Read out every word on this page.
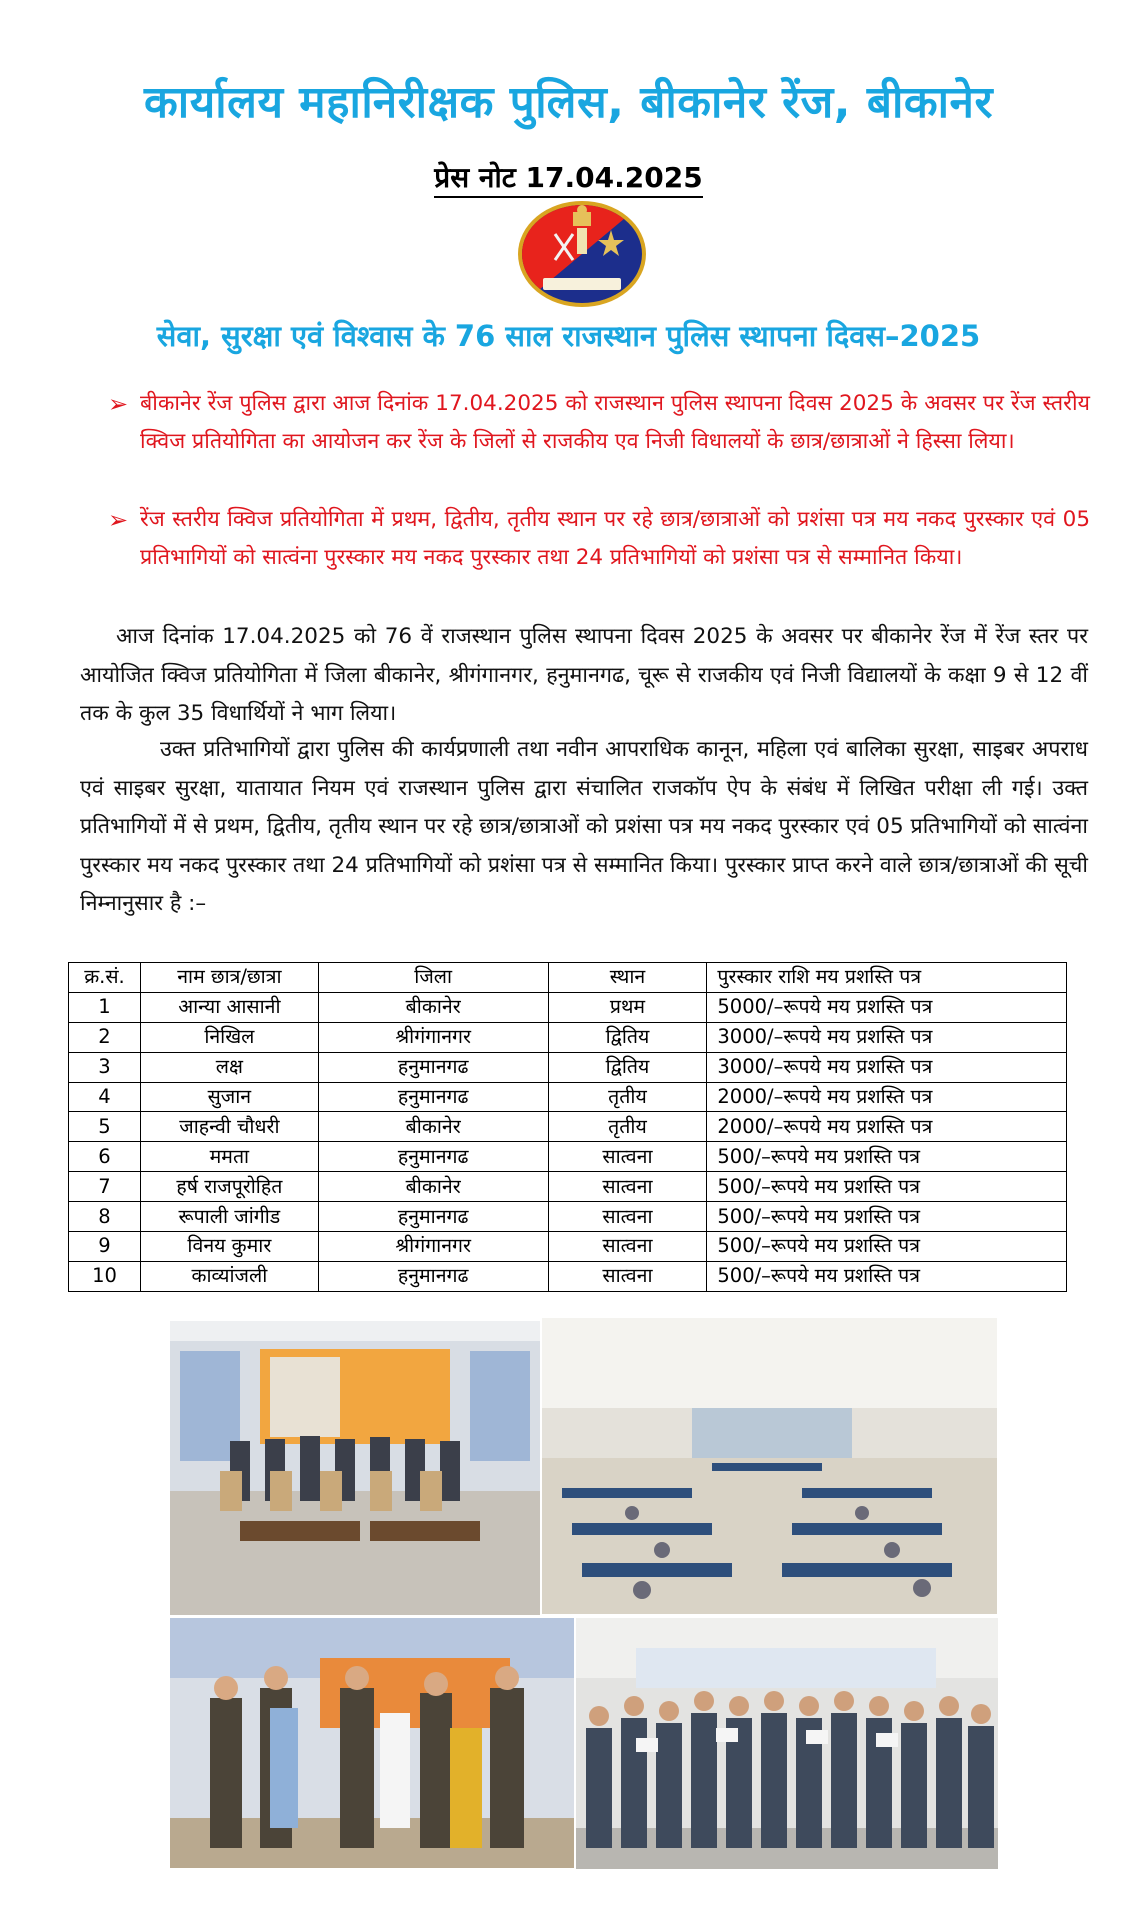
कार्यालय महानिरीक्षक पुलिस, बीकानेर रेंज, बीकानेर
प्रेस नोट 17.04.2025
सेवा, सुरक्षा एवं विश्वास के 76 साल राजस्थान पुलिस स्थापना दिवस–2025
➢ बीकानेर रेंज पुलिस द्वारा आज दिनांक 17.04.2025 को राजस्थान पुलिस स्थापना दिवस 2025 के अवसर पर रेंज स्तरीय क्विज प्रतियोगिता का आयोजन कर रेंज के जिलों से राजकीय एव निजी विधालयों के छात्र/छात्राओं ने हिस्सा लिया।
➢ रेंज स्तरीय क्विज प्रतियोगिता में प्रथम, द्वितीय, तृतीय स्थान पर रहे छात्र/छात्राओं को प्रशंसा पत्र मय नकद पुरस्कार एवं 05 प्रतिभागियों को सात्वंना पुरस्कार मय नकद पुरस्कार तथा 24 प्रतिभागियों को प्रशंसा पत्र से सम्मानित किया।

आज दिनांक 17.04.2025 को 76 वें राजस्थान पुलिस स्थापना दिवस 2025 के अवसर पर बीकानेर रेंज में रेंज स्तर पर आयोजित क्विज प्रतियोगिता में जिला बीकानेर, श्रीगंगानगर, हनुमानगढ, चूरू से राजकीय एवं निजी विद्यालयों के कक्षा 9 से 12 वीं तक के कुल 35 विधार्थियों ने भाग लिया।

उक्त प्रतिभागियों द्वारा पुलिस की कार्यप्रणाली तथा नवीन आपराधिक कानून, महिला एवं बालिका सुरक्षा, साइबर अपराध एवं साइबर सुरक्षा, यातायात नियम एवं राजस्थान पुलिस द्वारा संचालित राजकॉप ऐप के संबंध में लिखित परीक्षा ली गई। उक्त प्रतिभागियों में से प्रथम, द्वितीय, तृतीय स्थान पर रहे छात्र/छात्राओं को प्रशंसा पत्र मय नकद पुरस्कार एवं 05 प्रतिभागियों को सात्वंना पुरस्कार मय नकद पुरस्कार तथा 24 प्रतिभागियों को प्रशंसा पत्र से सम्मानित किया। पुरस्कार प्राप्त करने वाले छात्र/छात्राओं की सूची निम्नानुसार है :–

क्र.सं.	नाम छात्र/छात्रा	जिला	स्थान	पुरस्कार राशि मय प्रशस्ति पत्र
1	आन्या आसानी	बीकानेर	प्रथम	5000/–रूपये मय प्रशस्ति पत्र
2	निखिल	श्रीगंगानगर	द्वितिय	3000/–रूपये मय प्रशस्ति पत्र
3	लक्ष	हनुमानगढ	द्वितिय	3000/–रूपये मय प्रशस्ति पत्र
4	सुजान	हनुमानगढ	तृतीय	2000/–रूपये मय प्रशस्ति पत्र
5	जाहन्वी चौधरी	बीकानेर	तृतीय	2000/–रूपये मय प्रशस्ति पत्र
6	ममता	हनुमानगढ	सात्वना	500/–रूपये मय प्रशस्ति पत्र
7	हर्ष राजपूरोहित	बीकानेर	सात्वना	500/–रूपये मय प्रशस्ति पत्र
8	रूपाली जांगीड	हनुमानगढ	सात्वना	500/–रूपये मय प्रशस्ति पत्र
9	विनय कुमार	श्रीगंगानगर	सात्वना	500/–रूपये मय प्रशस्ति पत्र
10	काव्यांजली	हनुमानगढ	सात्वना	500/–रूपये मय प्रशस्ति पत्र
